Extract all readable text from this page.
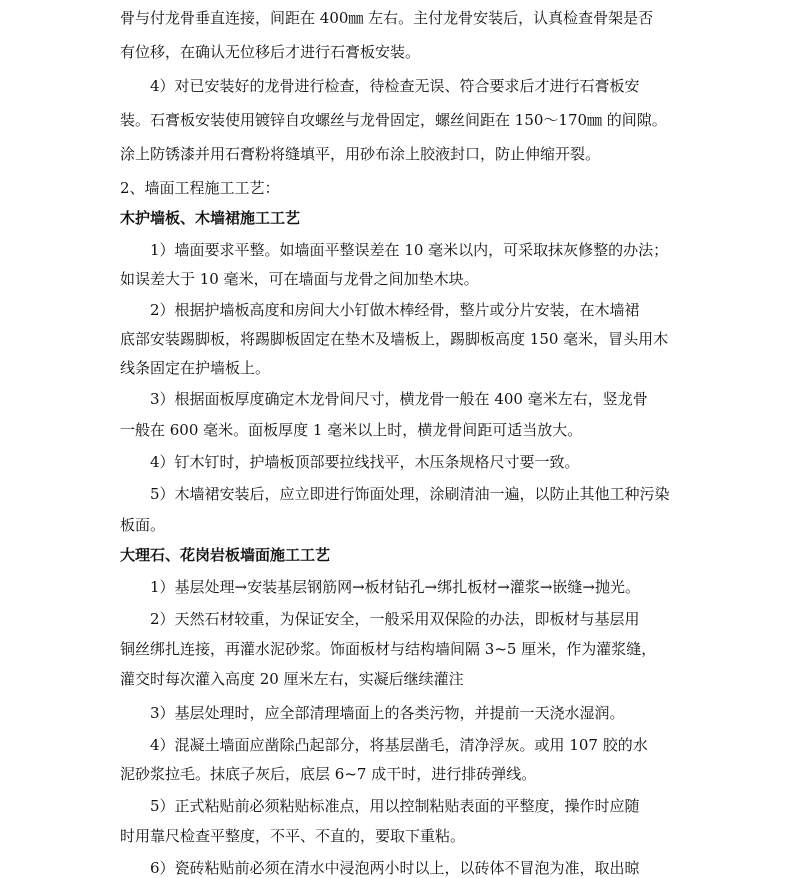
骨与付龙骨垂直连接，间距在 400㎜ 左右。主付龙骨安装后，认真检查骨架是否
有位移，在确认无位移后才进行石膏板安装。
4）对已安装好的龙骨进行检查，待检查无误、符合要求后才进行石膏板安
装。石膏板安装使用镀锌自攻螺丝与龙骨固定，螺丝间距在 150～170㎜ 的间隙。
涂上防锈漆并用石膏粉将缝填平，用砂布涂上胶液封口，防止伸缩开裂。
2、墙面工程施工工艺：
木护墙板、木墙裙施工工艺
1）墙面要求平整。如墙面平整误差在 10 毫米以内，可采取抹灰修整的办法；
如误差大于 10 毫米，可在墙面与龙骨之间加垫木块。
2）根据护墙板高度和房间大小钉做木棒经骨，整片或分片安装，在木墙裙
底部安装踢脚板，将踢脚板固定在垫木及墙板上，踢脚板高度 150 毫米，冒头用木
线条固定在护墙板上。
3）根据面板厚度确定木龙骨间尺寸，横龙骨一般在 400 毫米左右，竖龙骨
一般在 600 毫米。面板厚度 1 毫米以上时，横龙骨间距可适当放大。
4）钉木钉时，护墙板顶部要拉线找平，木压条规格尺寸要一致。
5）木墙裙安装后，应立即进行饰面处理，涂刷清油一遍，以防止其他工种污染
板面。
大理石、花岗岩板墙面施工工艺
1）基层处理→安装基层钢筋网→板材钻孔→绑扎板材→灌浆→嵌缝→抛光。
2）天然石材较重，为保证安全，一般采用双保险的办法，即板材与基层用
铜丝绑扎连接，再灌水泥砂浆。饰面板材与结构墙间隔 3~5 厘米，作为灌浆缝，
灌交时每次灌入高度 20 厘米左右，实凝后继续灌注
3）基层处理时，应全部清理墙面上的各类污物，并提前一天浇水湿润。
4）混凝土墙面应凿除凸起部分，将基层凿毛，清净浮灰。或用 107 胶的水
泥砂浆拉毛。抹底子灰后，底层 6~7 成干时，进行排砖弹线。
5）正式粘贴前必须粘贴标准点，用以控制粘贴表面的平整度，操作时应随
时用靠尺检查平整度，不平、不直的，要取下重粘。
6）瓷砖粘贴前必须在清水中浸泡两小时以上，以砖体不冒泡为准，取出晾
